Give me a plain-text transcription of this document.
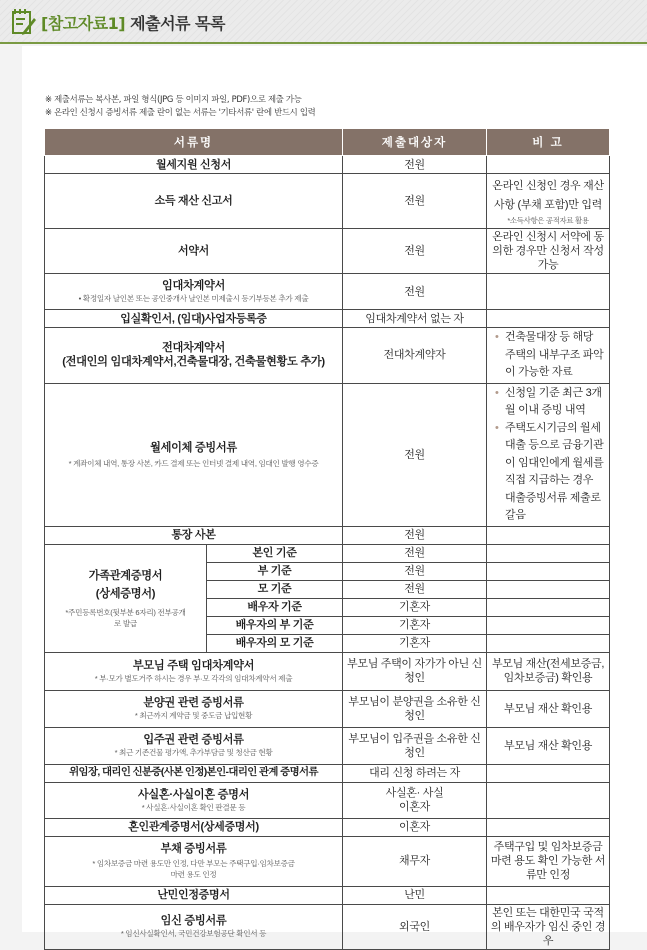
[참고자료1] 제출서류 목록
※ 제출서류는 복사본, 파일 형식(JPG 등 이미지 파일, PDF)으로 제출 가능
※ 온라인 신청시 증빙서류 제출 란이 없는 서류는 '기타서류' 란에 반드시 입력
서류명		제출대상자	비 고
월세지원 신청서		전원	
소득 재산 신고서		전원	온라인 신청인 경우 재산사항 (부채 포함)만 입력
*소득사항은 공적자료 활용

서약서		전원	온라인 신청시 서약에 동의한 경우만 신청서 작성 가능
임대차계약서
• 확정일자 날인본 또는 공인중개사 날인본 미제출시 등기부등본 추가 제출		전원	
입실확인서, (임대)사업자등록증		임대차계약서 없는 자	

전대차계약서
(전대인의 임대차계약서,건축물대장, 건축물현황도 추가)		전대차계약자	• 건축물대장 등 해당 주택의 내부구조 파악이 가능한 자료

월세이체 증빙서류
* 계좌이체 내역, 통장 사본, 카드 결제 또는 인터넷 결제 내역, 임대인 발행 영수증		전원	• 신청일 기준 최근 3개월 이내 증빙 내역
• 주택도시기금의 월세대출 등으로 금융기관이 임대인에게 월세를 직접 지급하는 경우 대출증빙서류 제출로 갈음

통장 사본		전원	

가족관계증명서
(상세증명서)
*주민등록번호(뒷부분 6자리) 전부공개로 발급	본인 기준	전원	
	부 기준	전원	
	모 기준	전원	
	배우자 기준	기혼자	
	배우자의 부 기준	기혼자	
	배우자의 모 기준	기혼자	

부모님 주택 임대차계약서
* 부·모가 별도거주 하시는 경우 부·모 각각의 임대차계약서 제출		부모님 주택이 자가가 아닌 신청인	부모님 재산(전세보증금, 임차보증금) 확인용

분양권 관련 증빙서류
* 최근까지 계약금 및 중도금 납입현황		부모님이 분양권을 소유한 신청인	부모님 재산 확인용

입주권 관련 증빙서류
* 최근 기존건물 평가액, 추가부담금 및 청산금 현황		부모님이 입주권을 소유한 신청인	부모님 재산 확인용
위임장, 대리인 신분증(사본 인정)본인-대리인 관계 증명서류		대리 신청 하려는 자	

사실혼·사실이혼 증명서
* 사실혼·사실이혼 확인 판결문 등		사실혼· 사실이혼자	
혼인관계증명서(상세증명서)		이혼자	

부채 증빙서류
* 임차보증금 마련 용도만 인정, 다만 부모는 주택구입·임차보증금 마련 용도 인정		채무자	주택구입 및 임차보증금 마련 용도 확인 가능한 서류만 인정
난민인정증명서		난민	

임신 증빙서류
* 임신사실확인서, 국민건강보험공단 확인서 등		외국인	본인 또는 대한민국 국적의 배우자가 임신 중인 경우
